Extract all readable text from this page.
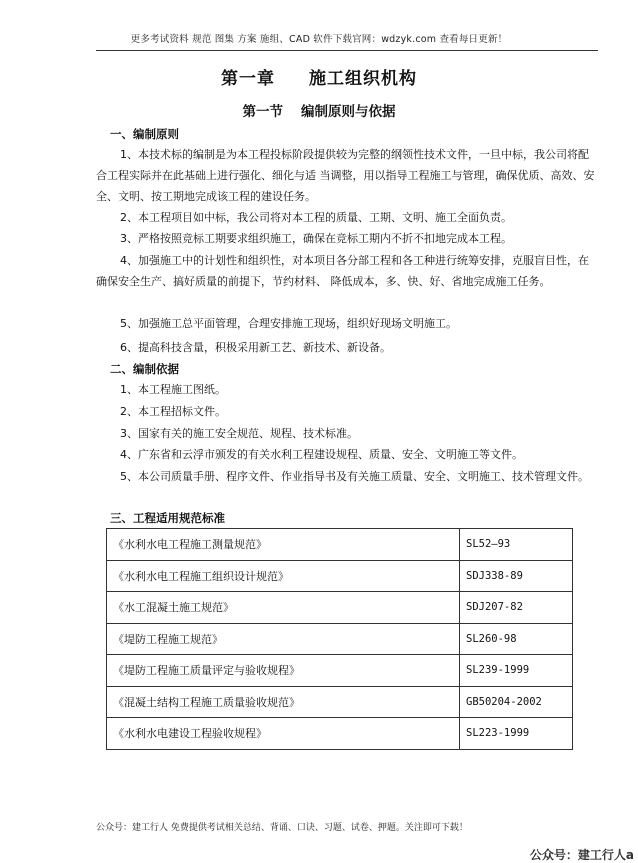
更多考试资料 规范 图集 方案 施组、CAD 软件下载官网：wdzyk.com 查看每日更新！
第一章 施工组织机构
第一节 编制原则与依据
一、编制原则

1、本技术标的编制是为本工程投标阶段提供较为完整的纲领性技术文件，一旦中标，我公司将配合工程实际并在此基础上进行强化、细化与适 当调整，用以指导工程施工与管理，确保优质、高效、安全、文明、按工期地完成该工程的建设任务。

2、本工程项目如中标，我公司将对本工程的质量、工期、文明、施工全面负责。

3、严格按照竞标工期要求组织施工，确保在竞标工期内不折不扣地完成本工程。

4、加强施工中的计划性和组织性，对本项目各分部工程和各工种进行统筹安排，克服盲目性，在确保安全生产、搞好质量的前提下，节约材料、 降低成本，多、快、好、省地完成施工任务。

5、加强施工总平面管理，合理安排施工现场，组织好现场文明施工。

6、提高科技含量，积极采用新工艺、新技术、新设备。

二、编制依据

1、本工程施工图纸。

2、本工程招标文件。

3、国家有关的施工安全规范、规程、技术标准。

4、广东省和云浮市颁发的有关水利工程建设规程、质量、安全、文明施工等文件。

5、本公司质量手册、程序文件、作业指导书及有关施工质量、安全、文明施工、技术管理文件。

三、工程适用规范标准
《水利水电工程施工测量规范》	SL52—93
《水利水电工程施工组织设计规范》	SDJ338-89
《水工混凝土施工规范》	SDJ207-82
《堤防工程施工规范》	SL260-98
《堤防工程施工质量评定与验收规程》	SL239-1999
《混凝土结构工程施工质量验收规范》	GB50204-2002
《水利水电建设工程验收规程》	SL223-1999
公众号：建工行人 免费提供考试相关总结、背诵、口诀、习题、试卷、押题。关注即可下载！
公众号：建工行人a
